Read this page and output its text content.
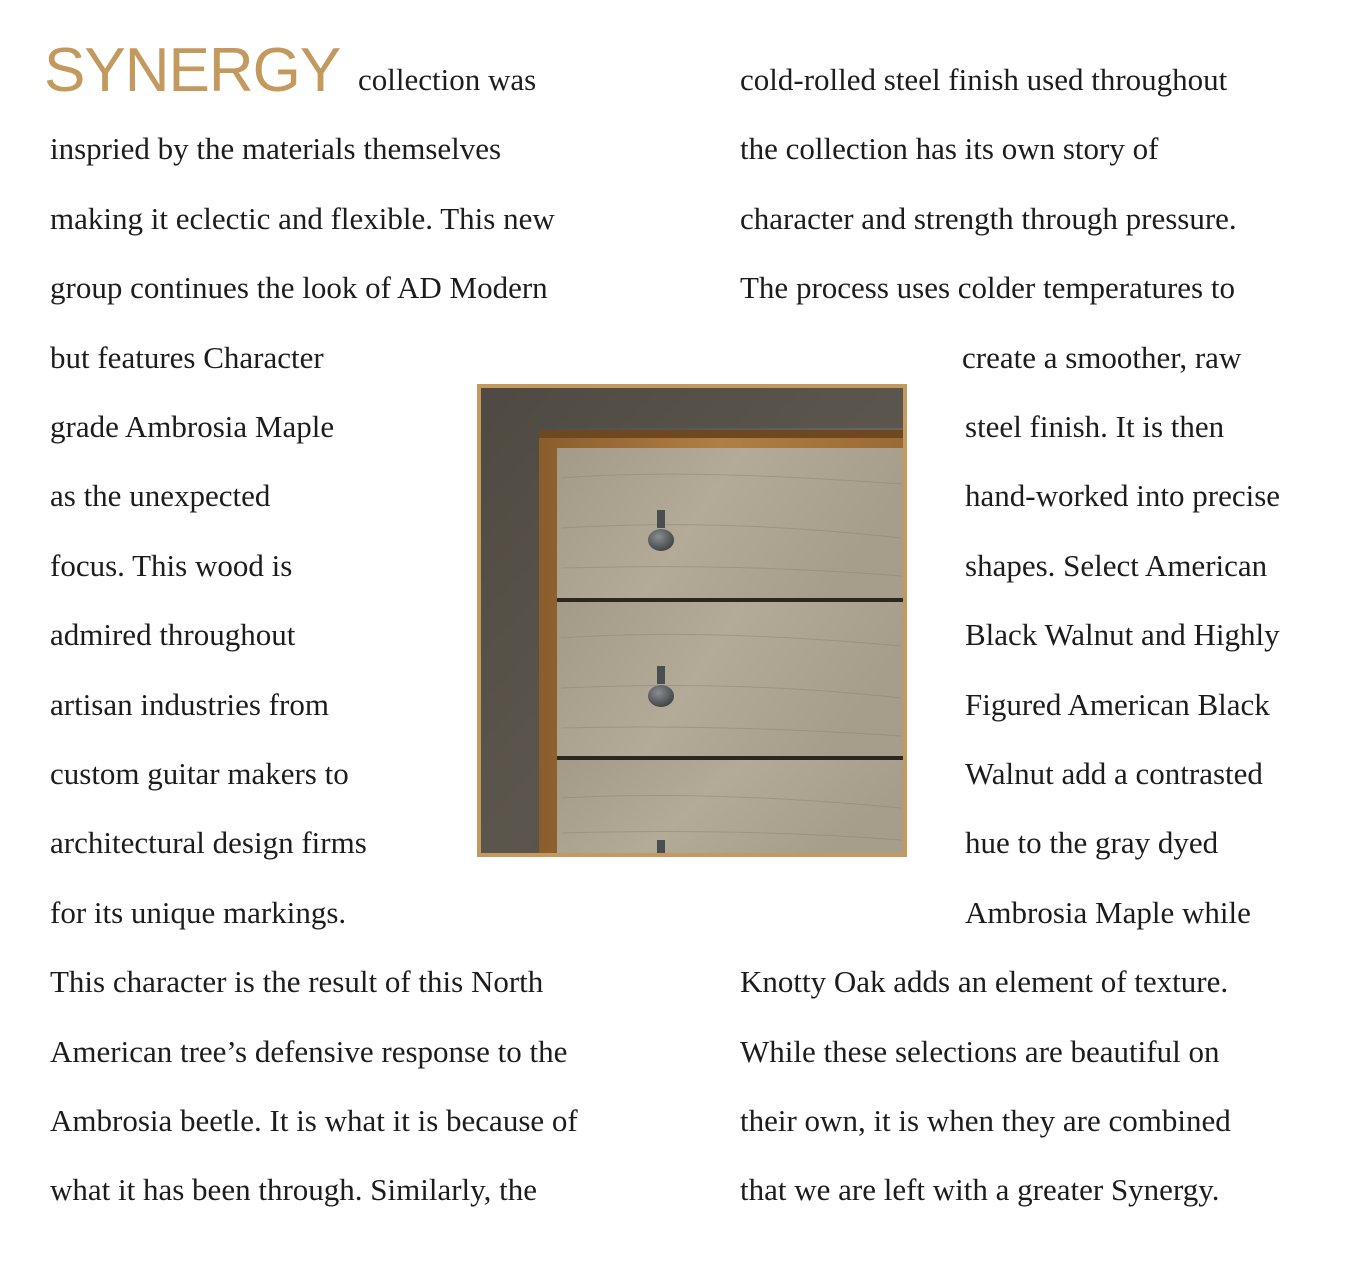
SYNERGY collection was
inspried by the materials themselves
making it eclectic and flexible. This new
group continues the look of AD Modern
but features Character
grade Ambrosia Maple
as the unexpected
focus. This wood is
admired throughout
artisan industries from
custom guitar makers to
architectural design firms
for its unique markings.
This character is the result of this North
American tree’s defensive response to the
Ambrosia beetle. It is what it is because of
what it has been through. Similarly, the
cold-rolled steel finish used throughout
the collection has its own story of
character and strength through pressure.
The process uses colder temperatures to
create a smoother, raw
steel finish. It is then
hand-worked into precise
shapes. Select American
Black Walnut and Highly
Figured American Black
Walnut add a contrasted
hue to the gray dyed
Ambrosia Maple while
Knotty Oak adds an element of texture.
While these selections are beautiful on
their own, it is when they are combined
that we are left with a greater Synergy.
